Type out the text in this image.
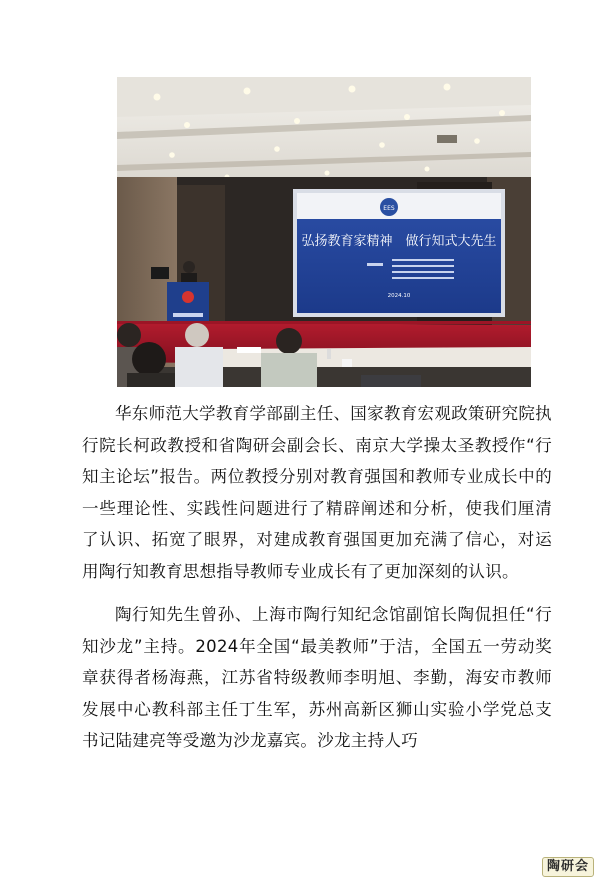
EES
弘扬教育家精神　做行知式大先生
2024.10

华东师范大学教育学部副主任、国家教育宏观政策研究院执行院长柯政教授和省陶研会副会长、南京大学操太圣教授作“行知主论坛”报告。两位教授分别对教育强国和教师专业成长中的一些理论性、实践性问题进行了精辟阐述和分析，使我们厘清了认识、拓宽了眼界，对建成教育强国更加充满了信心，对运用陶行知教育思想指导教师专业成长有了更加深刻的认识。

陶行知先生曾孙、上海市陶行知纪念馆副馆长陶侃担任“行知沙龙”主持。2024年全国“最美教师”于洁，全国五一劳动奖章获得者杨海燕，江苏省特级教师李明旭、李勤，海安市教师发展中心教科部主任丁生军，苏州高新区狮山实验小学党总支书记陆建亮等受邀为沙龙嘉宾。沙龙主持人巧

陶研会
